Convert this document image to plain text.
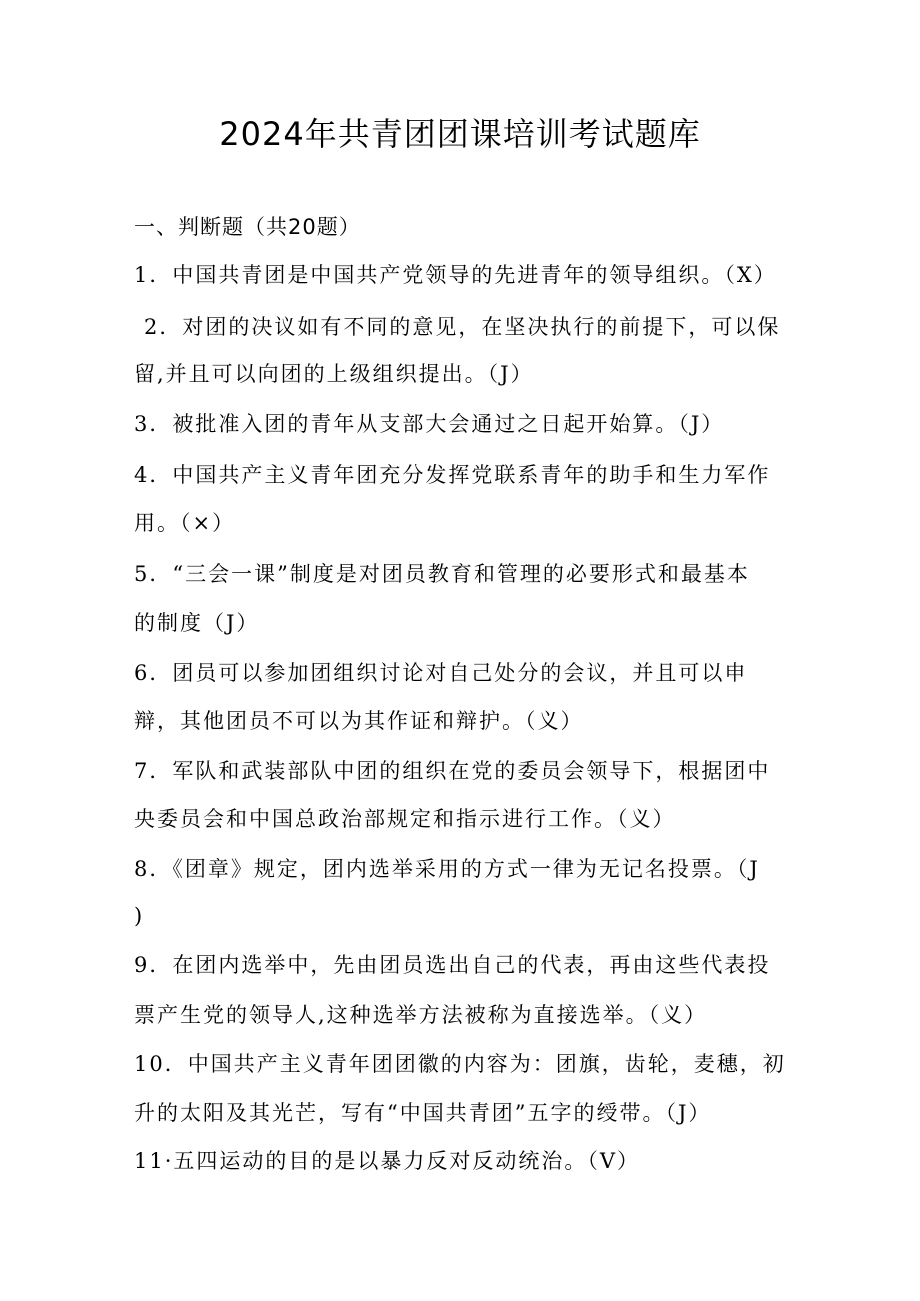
2024年共青团团课培训考试题库
一、判断题（共20题）
1．中国共青团是中国共产党领导的先进青年的领导组织。（X）
2．对团的决议如有不同的意见，在坚决执行的前提下，可以保
留,并且可以向团的上级组织提出。（J）
3．被批准入团的青年从支部大会通过之日起开始算。（J）
4．中国共产主义青年团充分发挥党联系青年的助手和生力军作
用。（×）
5．“三会一课”制度是对团员教育和管理的必要形式和最基本
的制度（J）
6．团员可以参加团组织讨论对自己处分的会议，并且可以申
辩，其他团员不可以为其作证和辩护。（义）
7．军队和武装部队中团的组织在党的委员会领导下，根据团中
央委员会和中国总政治部规定和指示进行工作。（义）
8．《团章》规定，团内选举采用的方式一律为无记名投票。（J
)
9．在团内选举中，先由团员选出自己的代表，再由这些代表投
票产生党的领导人,这种选举方法被称为直接选举。（义）
10．中国共产主义青年团团徽的内容为：团旗，齿轮，麦穗，初
升的太阳及其光芒，写有“中国共青团”五字的绶带。（J）
11·五四运动的目的是以暴力反对反动统治。（V）
